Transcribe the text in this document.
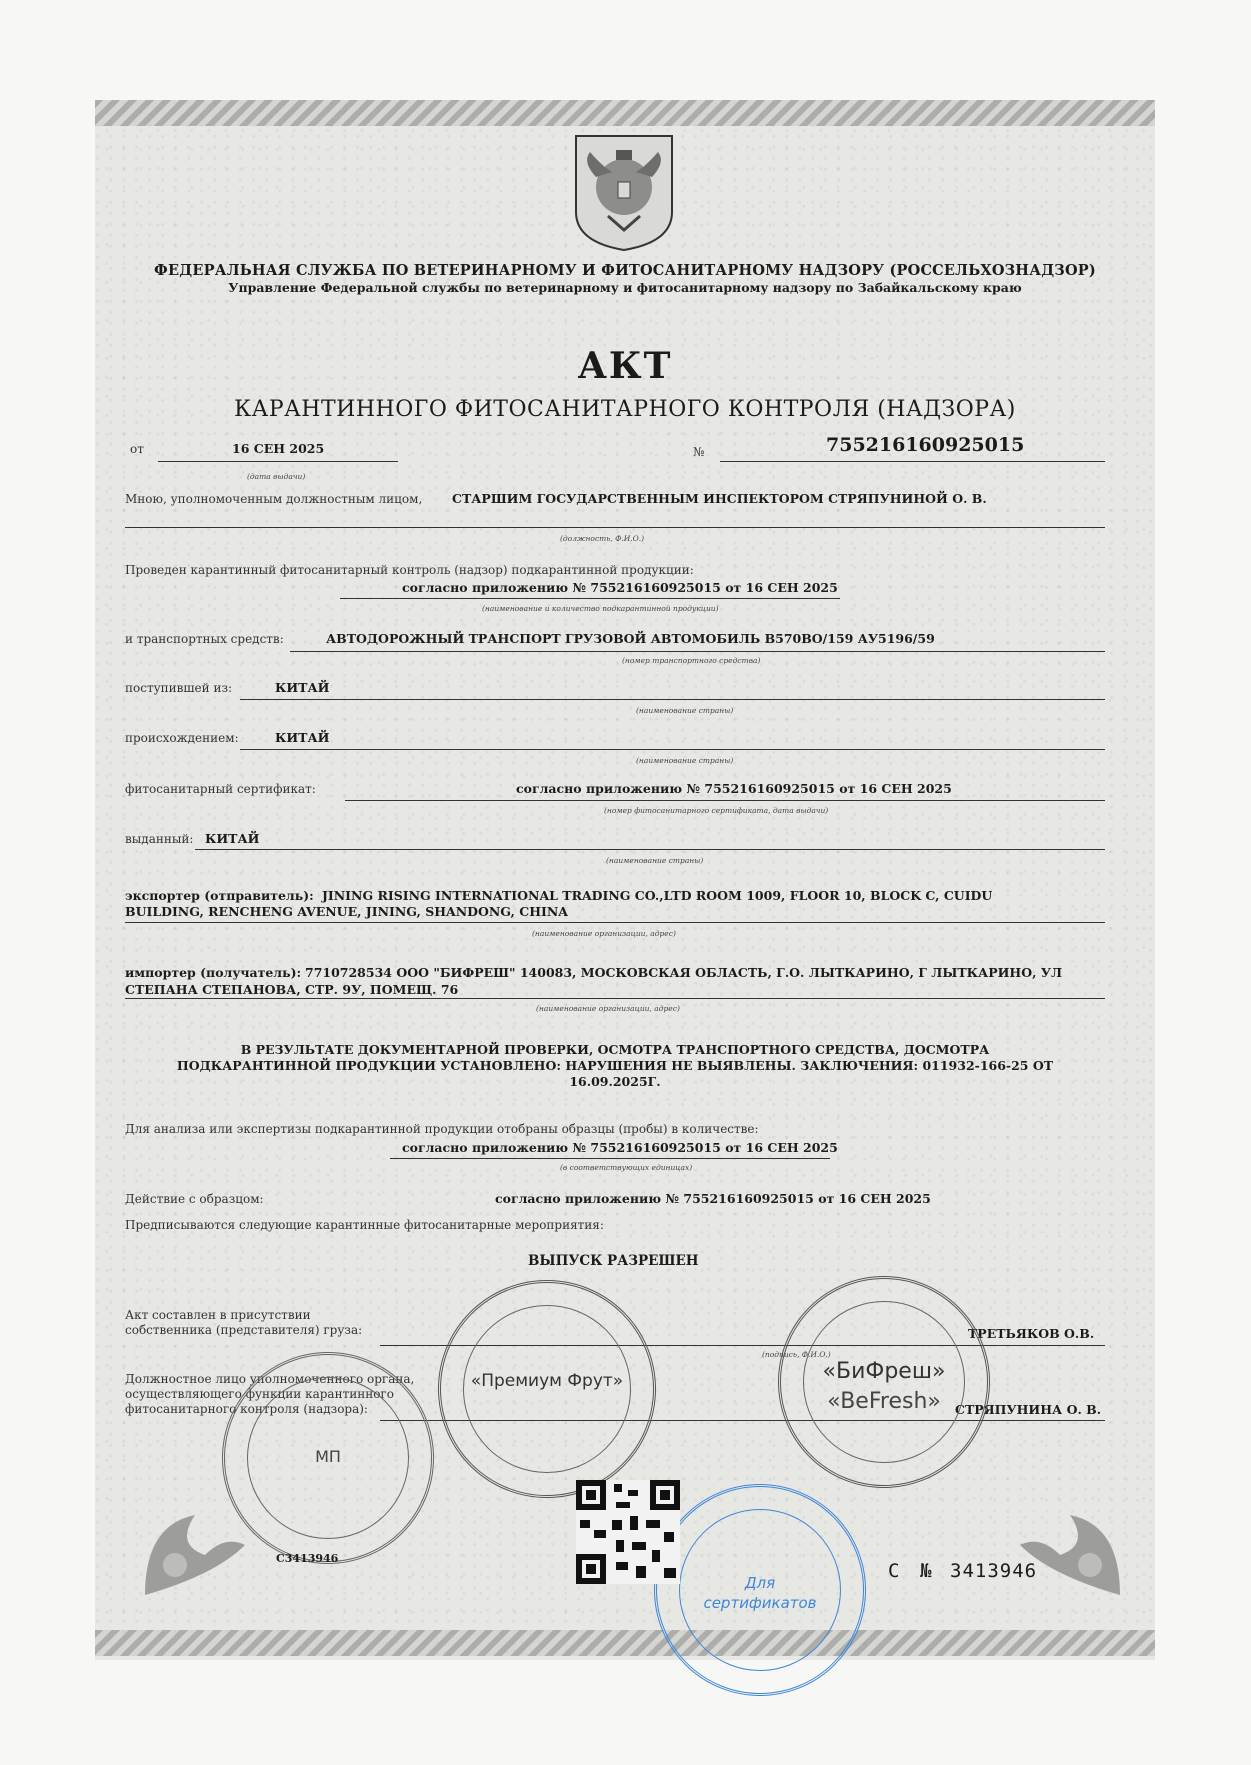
ФЕДЕРАЛЬНАЯ СЛУЖБА ПО ВЕТЕРИНАРНОМУ И ФИТОСАНИТАРНОМУ НАДЗОРУ (РОССЕЛЬХОЗНАДЗОР)
Управление Федеральной службы по ветеринарному и фитосанитарному надзору по Забайкальскому краю
АКТ
КАРАНТИННОГО ФИТОСАНИТАРНОГО КОНТРОЛЯ (НАДЗОРА)
от	16 СЕН 2025
(дата выдачи)
№	755216160925015
Мною, уполномоченным должностным лицом, СТАРШИМ ГОСУДАРСТВЕННЫМ ИНСПЕКТОРОМ СТРЯПУНИНОЙ О. В.
(должность, Ф.И.О.)
Проведен карантинный фитосанитарный контроль (надзор) подкарантинной продукции:
согласно приложению № 755216160925015 от 16 СЕН 2025
(наименование и количество подкарантинной продукции)
и транспортных средств:	АВТОДОРОЖНЫЙ ТРАНСПОРТ ГРУЗОВОЙ АВТОМОБИЛЬ В570ВО/159 АУ5196/59
(номер транспортного средства)
поступившей из:	КИТАЙ
(наименование страны)
происхождением:	КИТАЙ
(наименование страны)
фитосанитарный сертификат:	согласно приложению № 755216160925015 от 16 СЕН 2025
(номер фитосанитарного сертификата, дата выдачи)
выданный: КИТАЙ
(наименование страны)
экспортер (отправитель): JINING RISING INTERNATIONAL TRADING CO.,LTD ROOM 1009, FLOOR 10, BLOCK C, CUIDU
BUILDING, RENCHENG AVENUE, JINING, SHANDONG, CHINA
(наименование организации, адрес)
импортер (получатель): 7710728534 ООО "БИФРЕШ" 140083, МОСКОВСКАЯ ОБЛАСТЬ, Г.О. ЛЫТКАРИНО, Г ЛЫТКАРИНО, УЛ
СТЕПАНА СТЕПАНОВА, СТР. 9У, ПОМЕЩ. 76
(наименование организации, адрес)
В РЕЗУЛЬТАТЕ ДОКУМЕНТАРНОЙ ПРОВЕРКИ, ОСМОТРА ТРАНСПОРТНОГО СРЕДСТВА, ДОСМОТРА
ПОДКАРАНТИННОЙ ПРОДУКЦИИ УСТАНОВЛЕНО: НАРУШЕНИЯ НЕ ВЫЯВЛЕНЫ. ЗАКЛЮЧЕНИЯ: 011932-166-25 ОТ
16.09.2025Г.
Для анализа или экспертизы подкарантинной продукции отобраны образцы (пробы) в количестве:
согласно приложению № 755216160925015 от 16 СЕН 2025
(в соответствующих единицах)
Действие с образцом:	согласно приложению № 755216160925015 от 16 СЕН 2025
Предписываются следующие карантинные фитосанитарные мероприятия:
ВЫПУСК РАЗРЕШЕН
Акт составлен в присутствии
собственника (представителя) груза:	ТРЕТЬЯКОВ О.В.
(подпись, Ф.И.О.)
Должностное лицо уполномоченного органа,
осуществляющего функции карантинного
фитосанитарного контроля (надзора):	СТРЯПУНИНА О. В.
«Премиум Фрут»	«БиФреш»
«BeFresh»
МП
Для сертификатов
С № 3413946
С3413946
